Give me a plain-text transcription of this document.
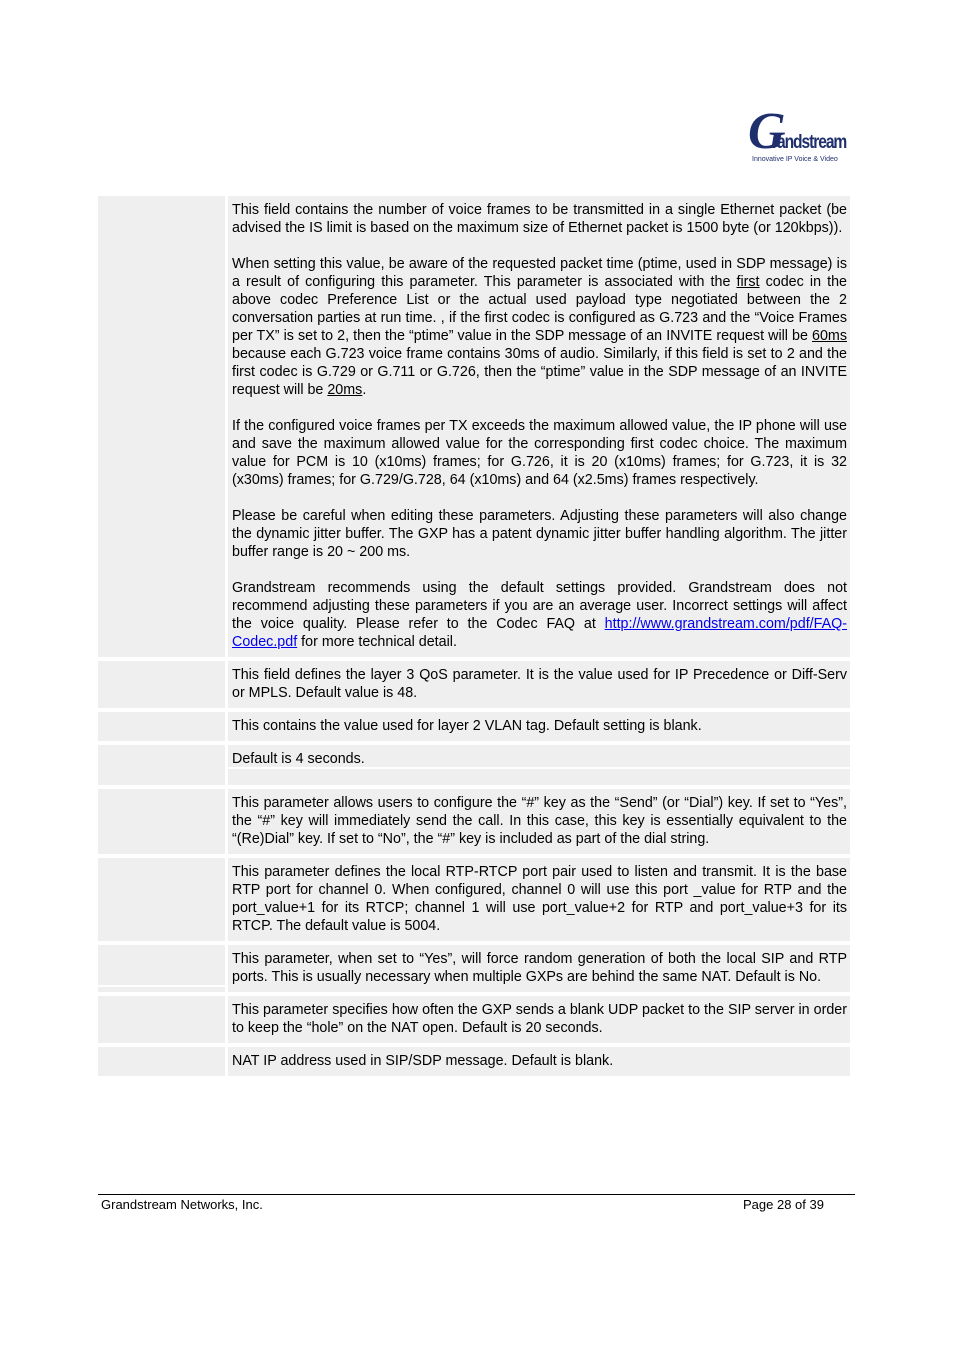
G
randstream
Innovative IP Voice & Video

This field contains the number of voice frames to be transmitted in a single Ethernet packet (be advised the IS limit is based on the maximum size of Ethernet packet is 1500 byte (or 120kbps)).

When setting this value, be aware of the requested packet time (ptime, used in SDP message) is a result of configuring this parameter. This parameter is associated with the first codec in the above codec Preference List or the actual used payload type negotiated between the 2 conversation parties at run time. , if the first codec is configured as G.723 and the “Voice Frames per TX” is set to 2, then the “ptime” value in the SDP message of an INVITE request will be 60ms because each G.723 voice frame contains 30ms of audio. Similarly, if this field is set to 2 and the first codec is G.729 or G.711 or G.726, then the “ptime” value in the SDP message of an INVITE request will be 20ms.

If the configured voice frames per TX exceeds the maximum allowed value, the IP phone will use and save the maximum allowed value for the corresponding first codec choice. The maximum value for PCM is 10 (x10ms) frames; for G.726, it is 20 (x10ms) frames; for G.723, it is 32 (x30ms) frames; for G.729/G.728, 64 (x10ms) and 64 (x2.5ms) frames respectively.

Please be careful when editing these parameters. Adjusting these parameters will also change the dynamic jitter buffer. The GXP has a patent dynamic jitter buffer handling algorithm. The jitter buffer range is 20 ~ 200 ms.

Grandstream recommends using the default settings provided. Grandstream does not recommend adjusting these parameters if you are an average user. Incorrect settings will affect the voice quality. Please refer to the Codec FAQ at http://www.grandstream.com/pdf/FAQ-Codec.pdf for more technical detail.

This field defines the layer 3 QoS parameter. It is the value used for IP Precedence or Diff-Serv or MPLS. Default value is 48.

This contains the value used for layer 2 VLAN tag. Default setting is blank.

Default is 4 seconds.

This parameter allows users to configure the “#” key as the “Send” (or “Dial”) key. If set to “Yes”, the “#” key will immediately send the call. In this case, this key is essentially equivalent to the “(Re)Dial” key. If set to “No”, the “#” key is included as part of the dial string.

This parameter defines the local RTP-RTCP port pair used to listen and transmit. It is the base RTP port for channel 0. When configured, channel 0 will use this port _value for RTP and the port_value+1 for its RTCP; channel 1 will use port_value+2 for RTP and port_value+3 for its RTCP. The default value is 5004.

This parameter, when set to “Yes”, will force random generation of both the local SIP and RTP ports. This is usually necessary when multiple GXPs are behind the same NAT. Default is No.

This parameter specifies how often the GXP sends a blank UDP packet to the SIP server in order to keep the “hole” on the NAT open. Default is 20 seconds.

NAT IP address used in SIP/SDP message. Default is blank.

Grandstream Networks, Inc.	Page 28 of 39
